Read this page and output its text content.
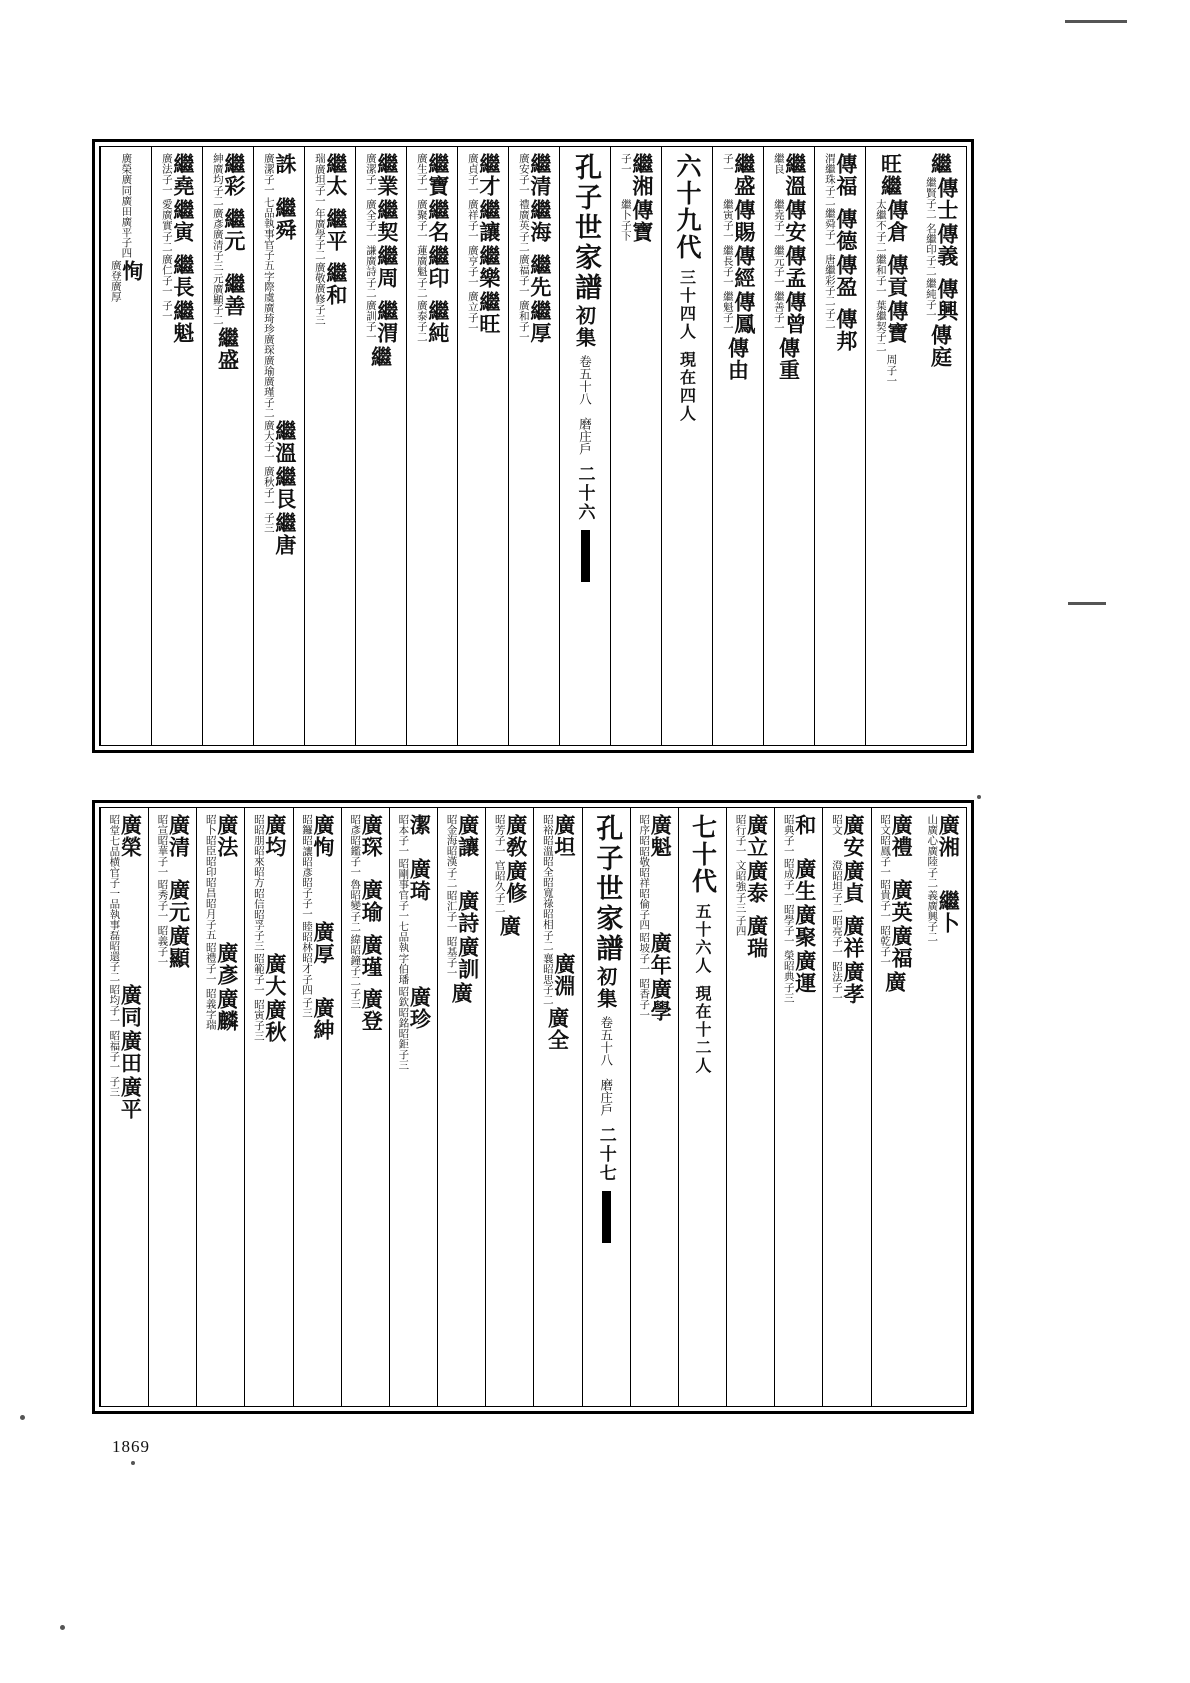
繼
傳士
子二
繼賢
傳義
子二
名繼印
傳興
子一
繼純
傳庭
旺繼
傳倉
子二
太繼不
傳貢
子一
繼和
傳寶
子二
葉繼契
子一
周
傳福
子二
渭繼珠
傳德
子一
繼舜
傳盈
子二
唐繼彩
傳邦
子二
繼溫
繼良
傳安
子一
繼堯
傳孟
子一
繼元
傳曾
子一
繼善
傳重
繼盛
子一
傳賜
子一
繼寅
傳經
子一
繼長
傳鳳
子一
繼魁
傳由
六十九代
三十四人
現在四人
繼湘
子一
傳寶
子下
繼卜
孔子世家譜
初集
卷五十八　磨庄戶
二十六
繼清
子一
廣安
繼海
子二
禮廣英
繼先
子一
廣福
繼厚
子一
廣和
繼才
子一
廣貞
繼讓
子一
廣祥
繼樂
子一
廣亨
繼旺
子一
廣立
繼寶
子一
廣生
繼名
子一
廣聚
繼印
子二
蓮廣魁
繼純
子二
廣泰
繼業
子一
廣潔
繼契
子一
廣全
繼周
子二
謙廣詩
繼渭
子一
廣訓
繼
繼太
子一
廣坦
瑞
繼平
子二
年廣學
繼和
子三
廣修
廣敬
誅
子一
廣潔
繼舜
子二
字際虞廣琦珍廣琛廣瑜廣瑾
七品執事官子五
繼溫
子一
廣大
繼艮
子一
廣秋
繼唐
子三
繼彩
子二
紳廣均
繼元
子三
廣彥廣清
繼善
子二
元廣顯
繼盛
繼堯
子一
廣法
繼寅
子二
愛廣實
繼長
子一
廣仁
繼魁
子一
子四
同廣田廣平
廣榮廣
恂
廣登廣厚
廣湘
子二
心廣陸
山廣
繼卜
子二
義廣興
廣禮
子一
昭鳳
昭文
廣英
子一
昭貴
廣福
子一
昭乾
廣
廣安
昭文
廣貞
子二
澄昭坦
廣祥
子一
昭亮
廣孝
子一
昭法
和
子一
昭典
廣生
子一
昭成
廣聚
子一
昭學
廣運
子三
榮昭典
廣立
子一
昭行
廣泰
子三
文昭強
廣瑞
子四
七十代
五十六人
現在十二人
廣魁
子四
昭敬昭祥昭倫
昭序昭
廣年
子一
昭坡
廣學
子一
昭香
孔子世家譜
初集
卷五十八　磨庄戶
二十七
廣坦
子二
祿昭相
昭全昭寬
昭裕昭溫
廣淵
子二
襄昭思
廣全
廣敎
子一
昭芳
廣修
子二
官昭久
廣
廣讓
子二
海昭漢
昭金
廣詩
子一
昭汇
廣訓
子一
昭基
廣
潔
子一
昭本
廣琦
字伯璠
事官子一七品執
昭剛
廣珍
子三
昭銘昭鉅
昭欽
廣琛
子一
昭鑑
昭彥
廣瑜
子二
魯昭變
廣瑾
子二
緯昭鐘
廣登
子三
廣恂
子一
昭子
讓昭彥
昭鑼昭
廣厚
子四
睦昭林昭才
廣紳
子三
廣均
子三
昭信昭孚
朋昭來昭方
昭昭
廣大
子一
昭範
廣秋
子三
昭寅
廣法
子五
昭印昭昌昭月
昭卜昭臣
廣彥
子一
昭禮
廣麟
字瑞
昭義
廣清
子一
昭華
昭宣
廣元
子一
昭秀
廣顯
子一
昭義
廣榮
子二
磊昭還
官子一品執事
堂七品横
昭
廣同
子一
昭均
廣田
子一
昭福
廣平
子三
1869
